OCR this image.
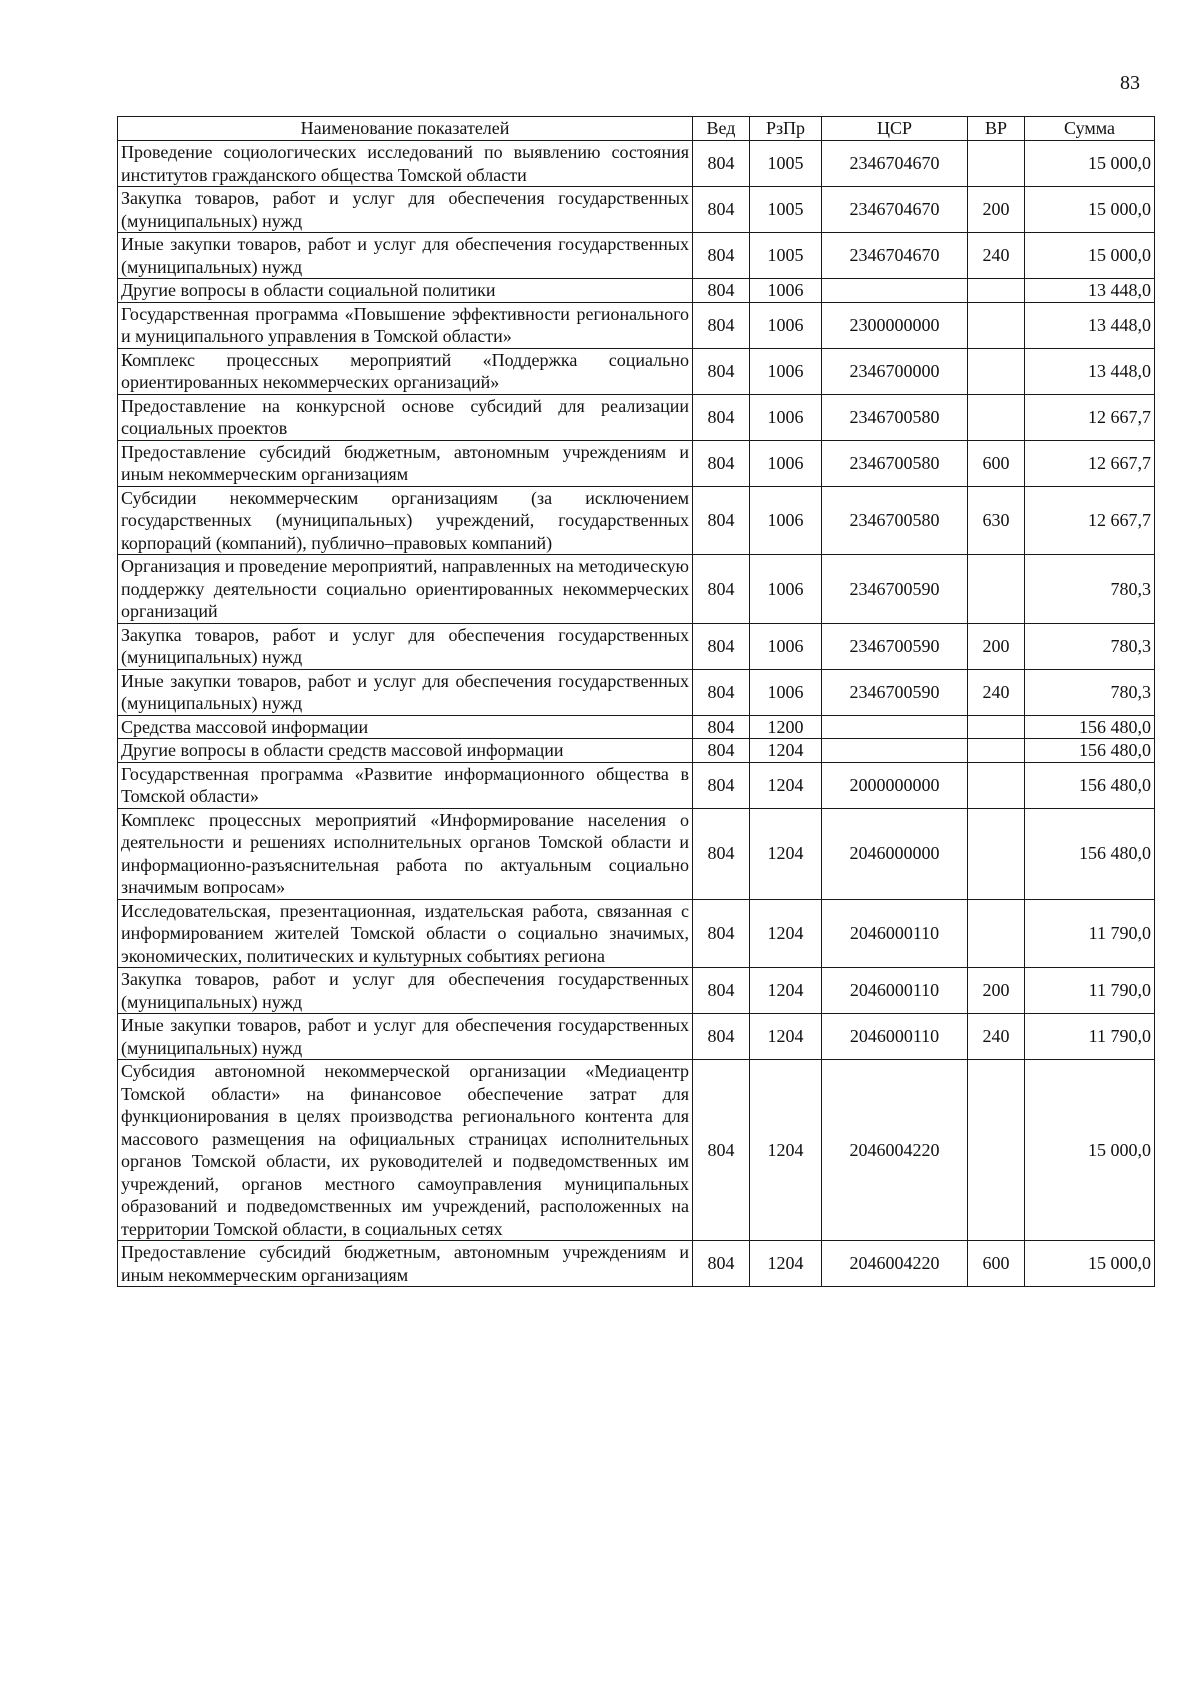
83
Наименование показателей	Вед	РзПр	ЦСР	ВР	Сумма
Проведение социологических исследований по выявлению состояния институтов гражданского общества Томской области	804	1005	2346704670		15 000,0
Закупка товаров, работ и услуг для обеспечения государственных (муниципальных) нужд	804	1005	2346704670	200	15 000,0
Иные закупки товаров, работ и услуг для обеспечения государственных (муниципальных) нужд	804	1005	2346704670	240	15 000,0
Другие вопросы в области социальной политики	804	1006			13 448,0
Государственная программа «Повышение эффективности регионального и муниципального управления в Томской области»	804	1006	2300000000		13 448,0
Комплекс процессных мероприятий «Поддержка социально ориентированных некоммерческих организаций»	804	1006	2346700000		13 448,0
Предоставление на конкурсной основе субсидий для реализации социальных проектов	804	1006	2346700580		12 667,7
Предоставление субсидий бюджетным, автономным учреждениям и иным некоммерческим организациям	804	1006	2346700580	600	12 667,7
Субсидии некоммерческим организациям (за исключением государственных (муниципальных) учреждений, государственных корпораций (компаний), публично–правовых компаний)	804	1006	2346700580	630	12 667,7
Организация и проведение мероприятий, направленных на методическую поддержку деятельности социально ориентированных некоммерческих организаций	804	1006	2346700590		780,3
Закупка товаров, работ и услуг для обеспечения государственных (муниципальных) нужд	804	1006	2346700590	200	780,3
Иные закупки товаров, работ и услуг для обеспечения государственных (муниципальных) нужд	804	1006	2346700590	240	780,3
Средства массовой информации	804	1200			156 480,0
Другие вопросы в области средств массовой информации	804	1204			156 480,0
Государственная программа «Развитие информационного общества в Томской области»	804	1204	2000000000		156 480,0
Комплекс процессных мероприятий «Информирование населения о деятельности и решениях исполнительных органов Томской области и информационно-разъяснительная работа по актуальным социально значимым вопросам»	804	1204	2046000000		156 480,0
Исследовательская, презентационная, издательская работа, связанная с информированием жителей Томской области о социально значимых, экономических, политических и культурных событиях региона	804	1204	2046000110		11 790,0
Закупка товаров, работ и услуг для обеспечения государственных (муниципальных) нужд	804	1204	2046000110	200	11 790,0
Иные закупки товаров, работ и услуг для обеспечения государственных (муниципальных) нужд	804	1204	2046000110	240	11 790,0
Субсидия автономной некоммерческой организации «Медиацентр Томской области» на финансовое обеспечение затрат для функционирования в целях производства регионального контента для массового размещения на официальных страницах исполнительных органов Томской области, их руководителей и подведомственных им учреждений, органов местного самоуправления муниципальных образований и подведомственных им учреждений, расположенных на территории Томской области, в социальных сетях	804	1204	2046004220		15 000,0
Предоставление субсидий бюджетным, автономным учреждениям и иным некоммерческим организациям	804	1204	2046004220	600	15 000,0
